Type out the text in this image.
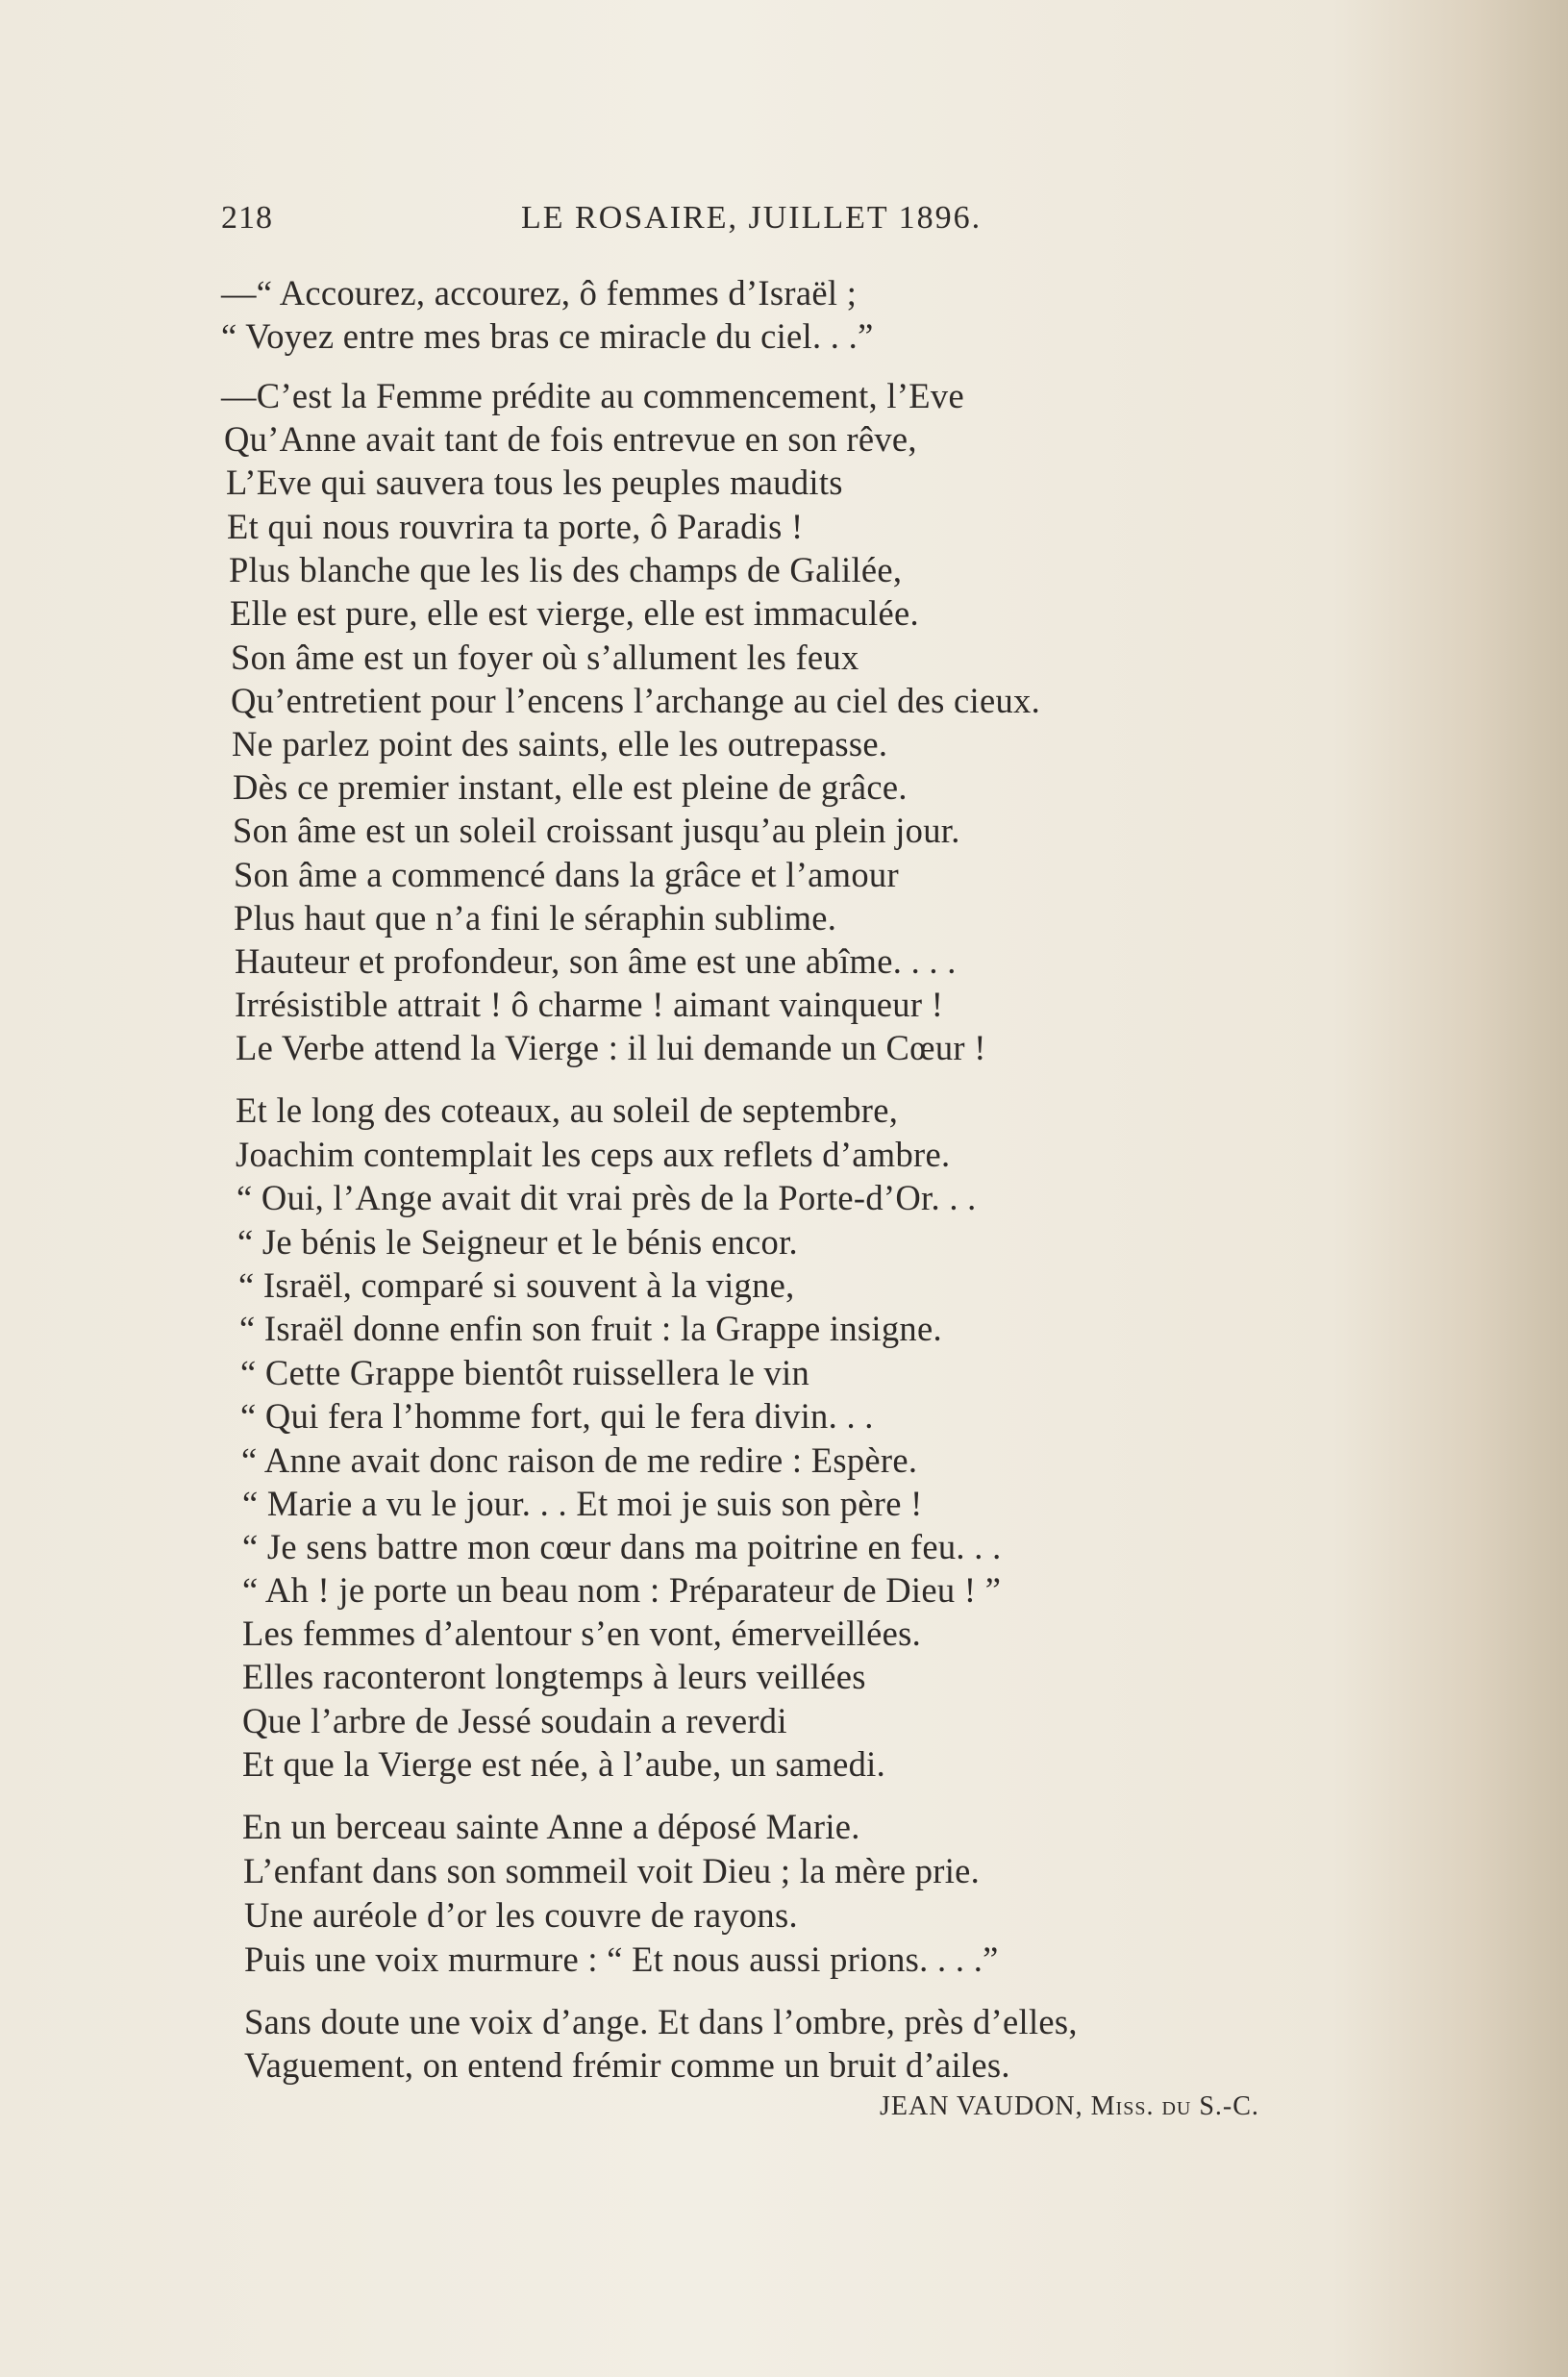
218	LE ROSAIRE, JUILLET 1896.
—“ Accourez, accourez, ô femmes d’Israël ;
“ Voyez entre mes bras ce miracle du ciel. . .”
—C’est la Femme prédite au commencement, l’Eve
Qu’Anne avait tant de fois entrevue en son rêve,
L’Eve qui sauvera tous les peuples maudits
Et qui nous rouvrira ta porte, ô Paradis !
Plus blanche que les lis des champs de Galilée,
Elle est pure, elle est vierge, elle est immaculée.
Son âme est un foyer où s’allument les feux
Qu’entretient pour l’encens l’archange au ciel des cieux.
Ne parlez point des saints, elle les outrepasse.
Dès ce premier instant, elle est pleine de grâce.
Son âme est un soleil croissant jusqu’au plein jour.
Son âme a commencé dans la grâce et l’amour
Plus haut que n’a fini le séraphin sublime.
Hauteur et profondeur, son âme est une abîme. . . .
Irrésistible attrait ! ô charme ! aimant vainqueur !
Le Verbe attend la Vierge : il lui demande un Cœur !
Et le long des coteaux, au soleil de septembre,
Joachim contemplait les ceps aux reflets d’ambre.
“ Oui, l’Ange avait dit vrai près de la Porte-d’Or. . .
“ Je bénis le Seigneur et le bénis encor.
“ Israël, comparé si souvent à la vigne,
“ Israël donne enfin son fruit : la Grappe insigne.
“ Cette Grappe bientôt ruissellera le vin
“ Qui fera l’homme fort, qui le fera divin. . .
“ Anne avait donc raison de me redire : Espère.
“ Marie a vu le jour. . . Et moi je suis son père !
“ Je sens battre mon cœur dans ma poitrine en feu. . .
“ Ah ! je porte un beau nom : Préparateur de Dieu ! ”
Les femmes d’alentour s’en vont, émerveillées.
Elles raconteront longtemps à leurs veillées
Que l’arbre de Jessé soudain a reverdi
Et que la Vierge est née, à l’aube, un samedi.
En un berceau sainte Anne a déposé Marie.
L’enfant dans son sommeil voit Dieu ; la mère prie.
Une auréole d’or les couvre de rayons.
Puis une voix murmure : “ Et nous aussi prions. . . .”
Sans doute une voix d’ange. Et dans l’ombre, près d’elles,
Vaguement, on entend frémir comme un bruit d’ailes.
JEAN VAUDON, Miss. du S.-C.
